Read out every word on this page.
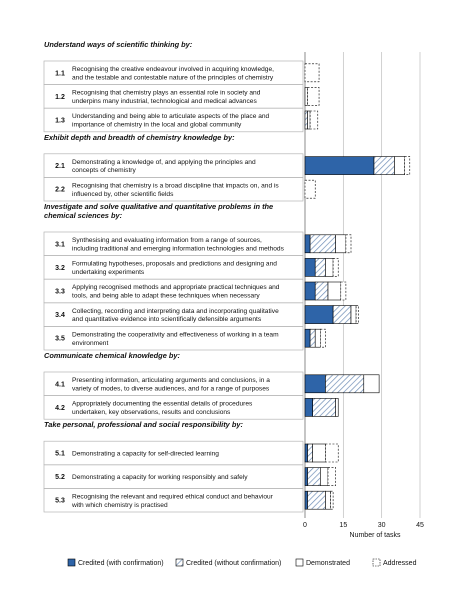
Understand ways of scientific thinking by:
1.1
Recognising the creative endeavour involved in acquiring knowledge,
and the testable and contestable nature of the principles of chemistry
1.2
Recognising that chemistry plays an essential role in society and
underpins many industrial, technological and medical advances
1.3
Understanding and being able to articulate aspects of the place and
importance of chemistry in the local and global community
Exhibit depth and breadth of chemistry knowledge by:
2.1
Demonstrating a knowledge of, and applying the principles and
concepts of chemistry
2.2
Recognising that chemistry is a broad discipline that impacts on, and is
influenced by, other scientific fields
Investigate and solve qualitative and quantitative problems in the
chemical sciences by:
3.1
Synthesising and evaluating information from a range of sources,
including traditional and emerging information technologies and methods
3.2
Formulating hypotheses, proposals and predictions and designing and
undertaking experiments
3.3
Applying recognised methods and appropriate practical techniques and
tools, and being able to adapt these techniques when necessary
3.4
Collecting, recording and interpreting data and incorporating qualitative
and quantitative evidence into scientifically defensible arguments
3.5
Demonstrating the cooperativity and effectiveness of working in a team
environment
Communicate chemical knowledge by:
4.1
Presenting information, articulating arguments and conclusions, in a
variety of modes, to diverse audiences, and for a range of purposes
4.2
Appropriately documenting the essential details of procedures
undertaken, key observations, results and conclusions
Take personal, professional and social responsibility by:
5.1 Demonstrating a capacity for self-directed learning
5.2 Demonstrating a capacity for working responsibly and safely
5.3
Recognising the relevant and required ethical conduct and behaviour
with which chemistry is practised
Number of tasks
0	15	30	45
Credited (with confirmation)	Credited (without confirmation)	Demonstrated	Addressed
